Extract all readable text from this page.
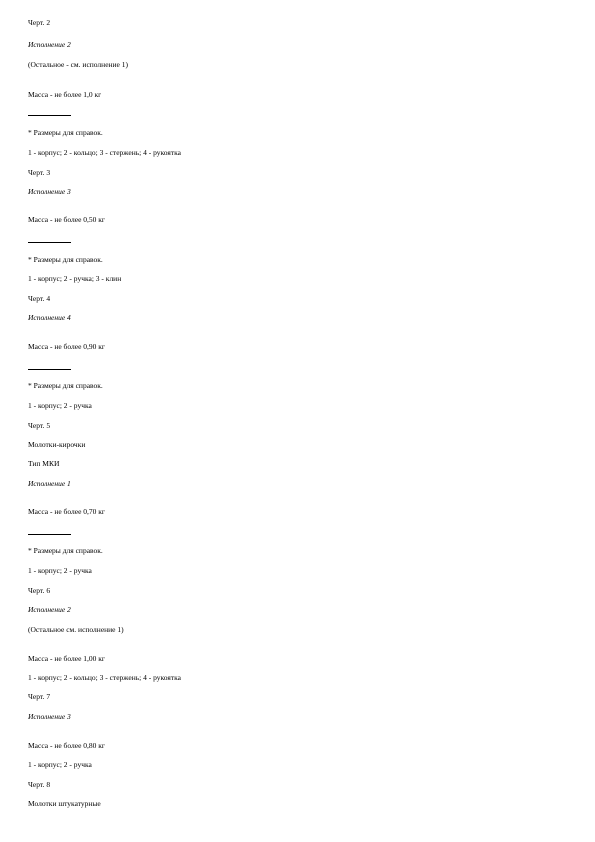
Черт. 2

Исполнение 2

(Остальное - см. исполнение 1)

Масса - не более 1,0 кг

* Размеры для справок.

1 - корпус; 2 - кольцо; 3 - стержень; 4 - рукоятка

Черт. 3

Исполнение 3

Масса - не более 0,50 кг

* Размеры для справок.

1 - корпус; 2 - ручка; 3 - клин

Черт. 4

Исполнение 4

Масса - не более 0,90 кг

* Размеры для справок.

1 - корпус; 2 - ручка

Черт. 5

Молотки-кирочки

Тип МКИ

Исполнение 1

Масса - не более 0,70 кг

* Размеры для справок.

1 - корпус; 2 - ручка

Черт. 6

Исполнение 2

(Остальное см. исполнение 1)

Масса - не более 1,00 кг

1 - корпус; 2 - кольцо; 3 - стержень; 4 - рукоятка

Черт. 7

Исполнение 3

Масса - не более 0,80 кг

1 - корпус; 2 - ручка

Черт. 8

Молотки штукатурные
